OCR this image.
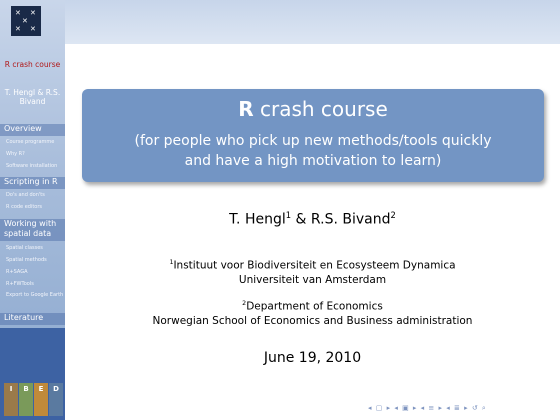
✕ ✕
✕
✕ ✕
R crash course
T. Hengl & R.S. Bivand
Overview
Course programme
Why R?
Software installation
Scripting in R
Do's and don'ts
R code editors
Working with spatial data
Spatial classes
Spatial methods
R+SAGA
R+FWTools
Export to Google Earth
Literature
I	B	E	D
R crash course
(for people who pick up new methods/tools quickly
and have a high motivation to learn)
T. Hengl$^1$ & R.S. Bivand$^2$
$^1$Instituut voor Biodiversiteit en Ecosysteem Dynamica
Universiteit van Amsterdam
$^2$Department of Economics
Norwegian School of Economics and Business administration
June 19, 2010
◂ ▢ ▸ ◂ ▣ ▸ ◂ ≡ ▸ ◂ ≣ ▸ ↺ ⌕
